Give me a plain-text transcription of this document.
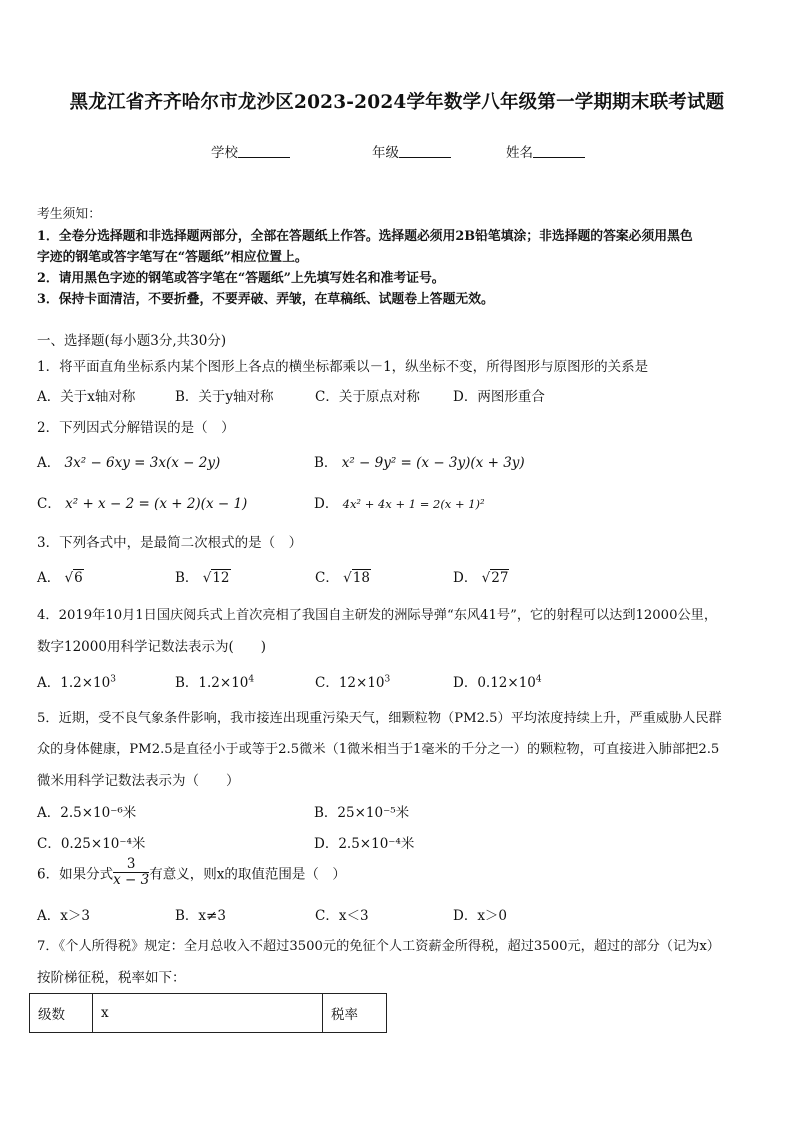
黑龙江省齐齐哈尔市龙沙区2023-2024学年数学八年级第一学期期末联考试题
学校	年级	姓名
考生须知：
1．全卷分选择题和非选择题两部分，全部在答题纸上作答。选择题必须用2B铅笔填涂；非选择题的答案必须用黑色
字迹的钢笔或答字笔写在“答题纸”相应位置上。
2．请用黑色字迹的钢笔或答字笔在“答题纸”上先填写姓名和准考证号。
3．保持卡面清洁，不要折叠，不要弄破、弄皱，在草稿纸、试题卷上答题无效。
一、选择题(每小题3分,共30分)
1．将平面直角坐标系内某个图形上各点的横坐标都乘以－1，纵坐标不变，所得图形与原图形的关系是
A．关于x轴对称	B．关于y轴对称	C．关于原点对称 D．两图形重合
2．下列因式分解错误的是（　）
A． 3x² − 6xy = 3x(x − 2y)	B． x² − 9y² = (x − 3y)(x + 3y)
C． x² + x − 2 = (x + 2)(x − 1)	D． 4x² + 4x + 1 = 2(x + 1)²
3．下列各式中，是最简二次根式的是（　）
A． √6	B． √12	C． √18	D． √27
4．2019年10月1日国庆阅兵式上首次亮相了我国自主研发的洲际导弹“东风41号”，它的射程可以达到12000公里，
数字12000用科学记数法表示为(　　)
A．$1.2\times 10^3$	B．$1.2\times 10^4$	C．$12\times 10^3$	D．$0.12\times 10^4$
5．近期，受不良气象条件影响，我市接连出现重污染天气，细颗粒物（PM2.5）平均浓度持续上升，严重威胁人民群
众的身体健康，PM2.5是直径小于或等于2.5微米（1微米相当于1毫米的千分之一）的颗粒物，可直接进入肺部把2.5
微米用科学记数法表示为（　　）
A．2.5×10⁻⁶米	B．25×10⁻⁵米
C．0.25×10⁻⁴米	D．2.5×10⁻⁴米
6．如果分式 $\frac{3}{x - 3}$ 有意义，则x的取值范围是（　）
A．x＞3	B．x≠3	C．x＜3	D．x＞0
7．《个人所得税》规定：全月总收入不超过3500元的免征个人工资薪金所得税，超过3500元，超过的部分（记为x）
按阶梯征税，税率如下：
级数	x	税率
